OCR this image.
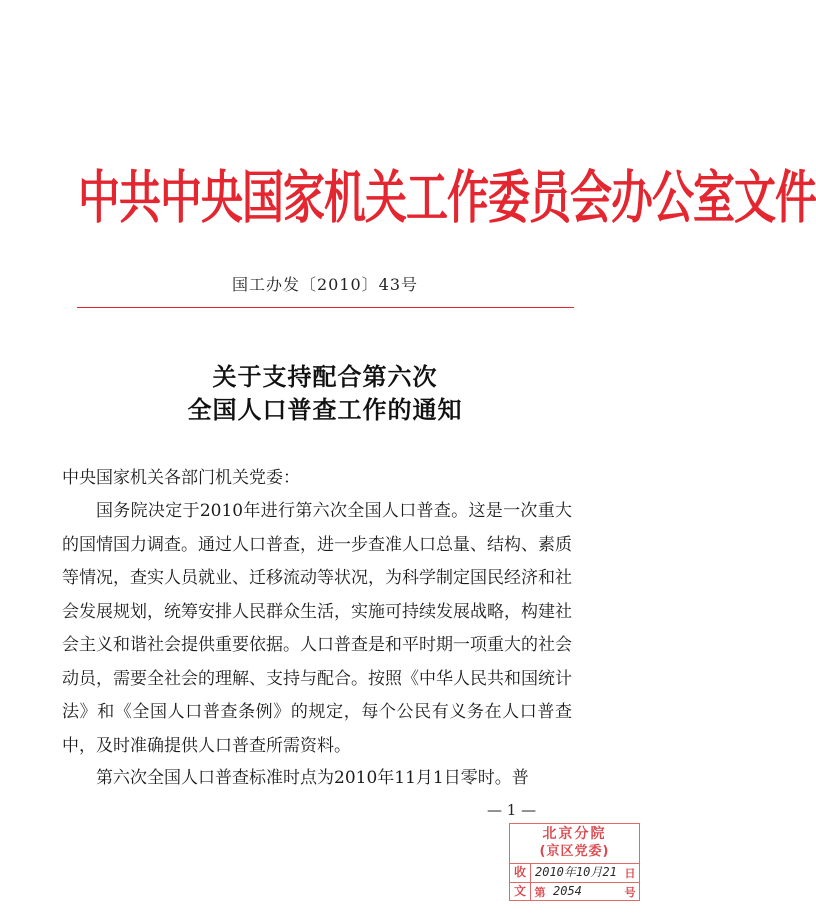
中共中央国家机关工作委员会办公室文件
国工办发〔2010〕43号
关于支持配合第六次
全国人口普查工作的通知
中央国家机关各部门机关党委：

国务院决定于2010年进行第六次全国人口普查。这是一次重大的国情国力调查。通过人口普查，进一步查准人口总量、结构、素质等情况，查实人员就业、迁移流动等状况，为科学制定国民经济和社会发展规划，统筹安排人民群众生活，实施可持续发展战略，构建社会主义和谐社会提供重要依据。人口普查是和平时期一项重大的社会动员，需要全社会的理解、支持与配合。按照《中华人民共和国统计法》和《全国人口普查条例》的规定，每个公民有义务在人口普查中，及时准确提供人口普查所需资料。

第六次全国人口普查标准时点为2010年11月1日零时。普

— 1 —
北京分院
(京区党委)
收 2010年10月21 日
文 第 2054	号
